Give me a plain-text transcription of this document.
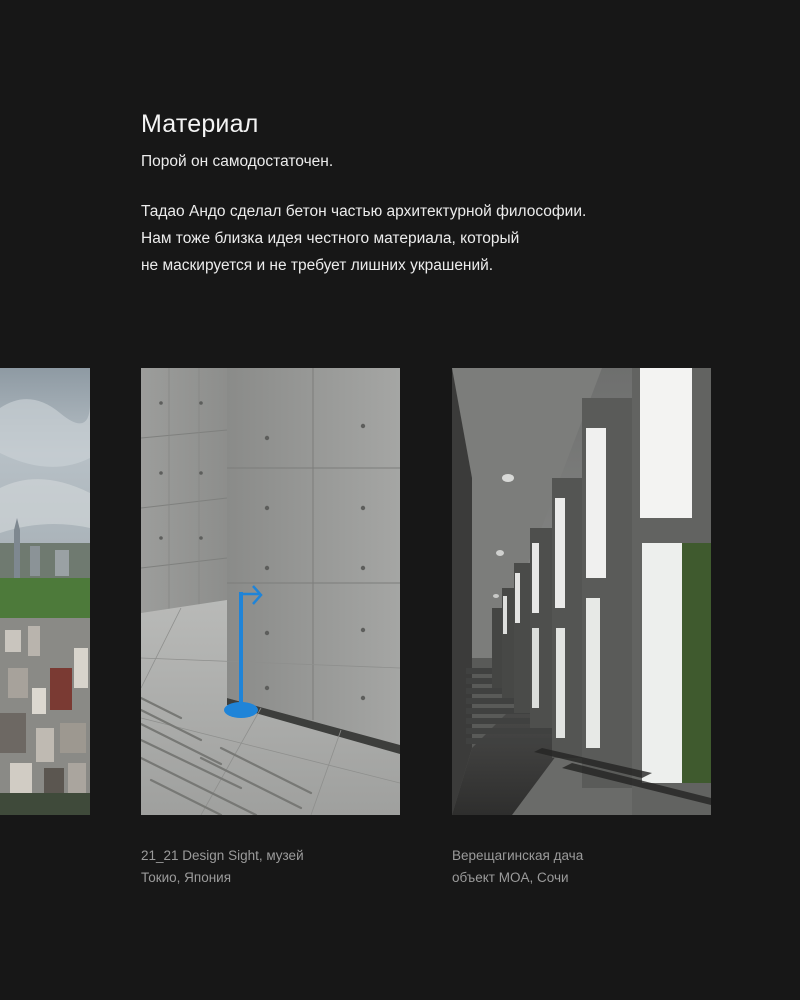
Материал
Порой он самодостаточен.
Тадао Андо сделал бетон частью архитектурной философии.
Нам тоже близка идея честного материала, который
не маскируется и не требует лишних украшений.
21_21 Design Sight, музей
Токио, Япония
Верещагинская дача
объект MOA, Сочи
